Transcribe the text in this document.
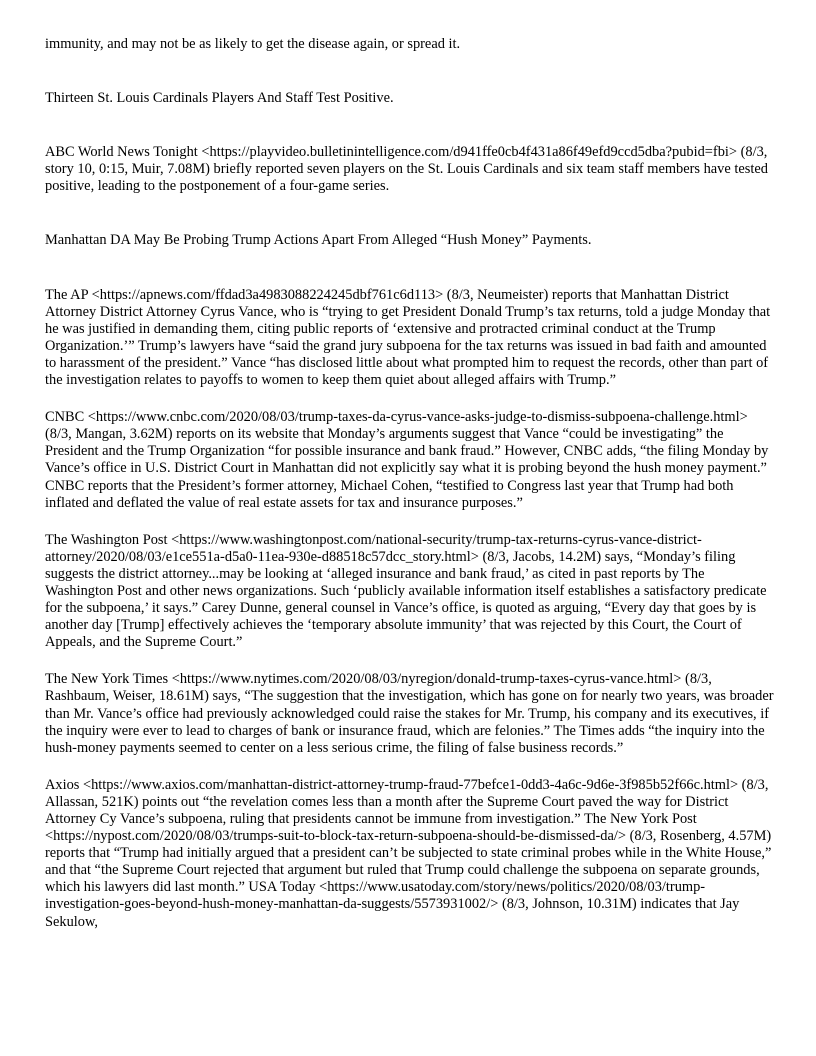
immunity, and may not be as likely to get the disease again, or spread it.

Thirteen St. Louis Cardinals Players And Staff Test Positive.

ABC World News Tonight <https://playvideo.bulletinintelligence.com/d941ffe0cb4f431a86f49efd9ccd5dba?pubid=fbi> (8/3, story 10, 0:15, Muir, 7.08M) briefly reported seven players on the St. Louis Cardinals and six team staff members have tested positive, leading to the postponement of a four-game series.

Manhattan DA May Be Probing Trump Actions Apart From Alleged “Hush Money” Payments.

The AP <https://apnews.com/ffdad3a4983088224245dbf761c6d113> (8/3, Neumeister) reports that Manhattan District Attorney District Attorney Cyrus Vance, who is “trying to get President Donald Trump’s tax returns, told a judge Monday that he was justified in demanding them, citing public reports of ‘extensive and protracted criminal conduct at the Trump Organization.’” Trump’s lawyers have “said the grand jury subpoena for the tax returns was issued in bad faith and amounted to harassment of the president.” Vance “has disclosed little about what prompted him to request the records, other than part of the investigation relates to payoffs to women to keep them quiet about alleged affairs with Trump.”

CNBC <https://www.cnbc.com/2020/08/03/trump-taxes-da-cyrus-vance-asks-judge-to-dismiss-subpoena-challenge.html> (8/3, Mangan, 3.62M) reports on its website that Monday’s arguments suggest that Vance “could be investigating” the President and the Trump Organization “for possible insurance and bank fraud.” However, CNBC adds, “the filing Monday by Vance’s office in U.S. District Court in Manhattan did not explicitly say what it is probing beyond the hush money payment.” CNBC reports that the President’s former attorney, Michael Cohen, “testified to Congress last year that Trump had both inflated and deflated the value of real estate assets for tax and insurance purposes.”

The Washington Post <https://www.washingtonpost.com/national-security/trump-tax-returns-cyrus-vance-district-attorney/2020/08/03/e1ce551a-d5a0-11ea-930e-d88518c57dcc_story.html> (8/3, Jacobs, 14.2M) says, “Monday’s filing suggests the district attorney...may be looking at ‘alleged insurance and bank fraud,’ as cited in past reports by The Washington Post and other news organizations. Such ‘publicly available information itself establishes a satisfactory predicate for the subpoena,’ it says.” Carey Dunne, general counsel in Vance’s office, is quoted as arguing, “Every day that goes by is another day [Trump] effectively achieves the ‘temporary absolute immunity’ that was rejected by this Court, the Court of Appeals, and the Supreme Court.”

The New York Times <https://www.nytimes.com/2020/08/03/nyregion/donald-trump-taxes-cyrus-vance.html> (8/3, Rashbaum, Weiser, 18.61M) says, “The suggestion that the investigation, which has gone on for nearly two years, was broader than Mr. Vance’s office had previously acknowledged could raise the stakes for Mr. Trump, his company and its executives, if the inquiry were ever to lead to charges of bank or insurance fraud, which are felonies.” The Times adds “the inquiry into the hush-money payments seemed to center on a less serious crime, the filing of false business records.”

Axios <https://www.axios.com/manhattan-district-attorney-trump-fraud-77befce1-0dd3-4a6c-9d6e-3f985b52f66c.html> (8/3, Allassan, 521K) points out “the revelation comes less than a month after the Supreme Court paved the way for District Attorney Cy Vance’s subpoena, ruling that presidents cannot be immune from investigation.” The New York Post <https://nypost.com/2020/08/03/trumps-suit-to-block-tax-return-subpoena-should-be-dismissed-da/> (8/3, Rosenberg, 4.57M) reports that “Trump had initially argued that a president can’t be subjected to state criminal probes while in the White House,” and that “the Supreme Court rejected that argument but ruled that Trump could challenge the subpoena on separate grounds, which his lawyers did last month.” USA Today <https://www.usatoday.com/story/news/politics/2020/08/03/trump-investigation-goes-beyond-hush-money-manhattan-da-suggests/5573931002/> (8/3, Johnson, 10.31M) indicates that Jay Sekulow,
